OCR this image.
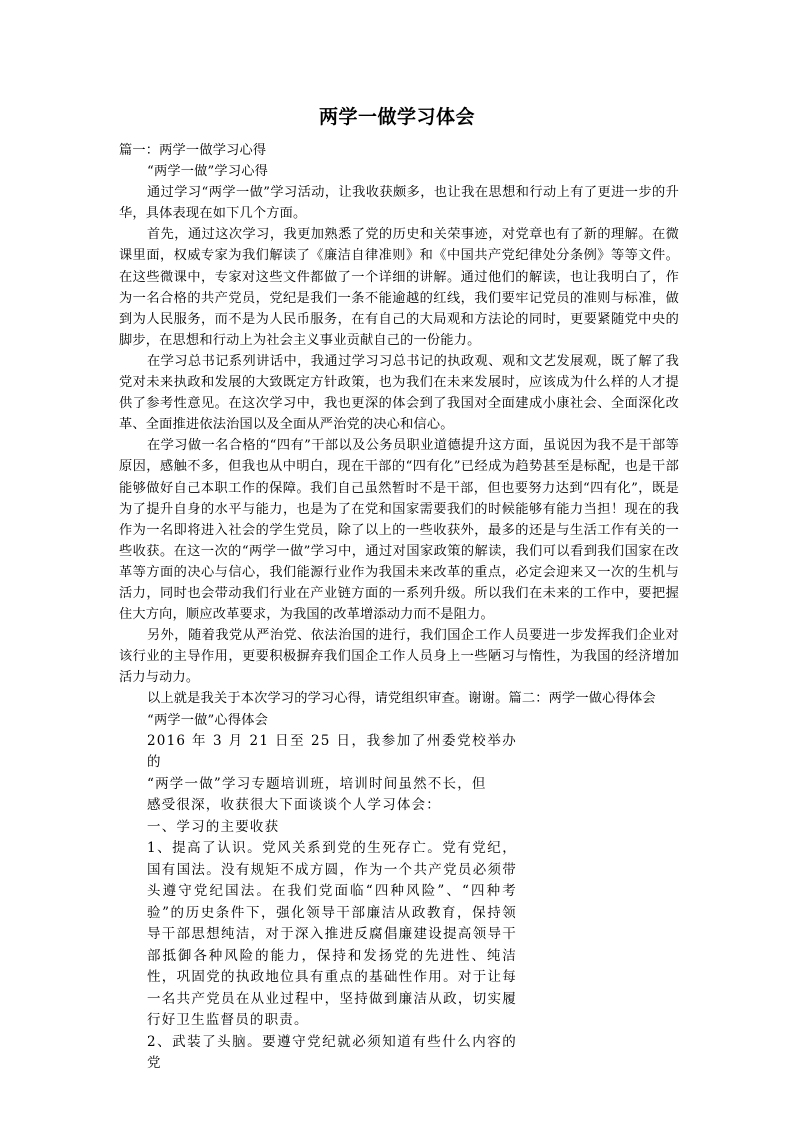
两学一做学习体会

篇一：两学一做学习心得

“两学一做”学习心得

通过学习“两学一做”学习活动，让我收获颇多，也让我在思想和行动上有了更进一步的升华，具体表现在如下几个方面。

首先，通过这次学习，我更加熟悉了党的历史和关荣事迹，对党章也有了新的理解。在微课里面，权威专家为我们解读了《廉洁自律准则》和《中国共产党纪律处分条例》等等文件。在这些微课中，专家对这些文件都做了一个详细的讲解。通过他们的解读，也让我明白了，作为一名合格的共产党员，党纪是我们一条不能逾越的红线，我们要牢记党员的准则与标准，做到为人民服务，而不是为人民币服务，在有自己的大局观和方法论的同时，更要紧随党中央的脚步，在思想和行动上为社会主义事业贡献自己的一份能力。

在学习总书记系列讲话中，我通过学习习总书记的执政观、观和文艺发展观，既了解了我党对未来执政和发展的大致既定方针政策，也为我们在未来发展时，应该成为什么样的人才提供了参考性意见。在这次学习中，我也更深的体会到了我国对全面建成小康社会、全面深化改革、全面推进依法治国以及全面从严治党的决心和信心。

在学习做一名合格的“四有”干部以及公务员职业道德提升这方面，虽说因为我不是干部等原因，感触不多，但我也从中明白，现在干部的“四有化”已经成为趋势甚至是标配，也是干部能够做好自己本职工作的保障。我们自己虽然暂时不是干部，但也要努力达到“四有化”，既是为了提升自身的水平与能力，也是为了在党和国家需要我们的时候能够有能力当担！现在的我作为一名即将进入社会的学生党员，除了以上的一些收获外，最多的还是与生活工作有关的一些收获。在这一次的“两学一做”学习中，通过对国家政策的解读，我们可以看到我们国家在改革等方面的决心与信心，我们能源行业作为我国未来改革的重点，必定会迎来又一次的生机与活力，同时也会带动我们行业在产业链方面的一系列升级。所以我们在未来的工作中，要把握住大方向，顺应改革要求，为我国的改革增添动力而不是阻力。

另外，随着我党从严治党、依法治国的进行，我们国企工作人员要进一步发挥我们企业对该行业的主导作用，更要积极摒弃我们国企工作人员身上一些陋习与惰性，为我国的经济增加活力与动力。

以上就是我关于本次学习的学习心得，请党组织审查。谢谢。篇二：两学一做心得体会

“两学一做”心得体会

2016 年 3 月 21 日至 25 日，我参加了州委党校举办的

“两学一做”学习专题培训班，培训时间虽然不长，但

感受很深，收获很大下面谈谈个人学习体会：

一、学习的主要收获

1、提高了认识。党风关系到党的生死存亡。党有党纪，国有国法。没有规矩不成方圆，作为一个共产党员必须带头遵守党纪国法。在我们党面临“四种风险”、“四种考验”的历史条件下，强化领导干部廉洁从政教育，保持领导干部思想纯洁，对于深入推进反腐倡廉建设提高领导干部抵御各种风险的能力，保持和发扬党的先进性、纯洁性，巩固党的执政地位具有重点的基础性作用。对于让每一名共产党员在从业过程中，坚持做到廉洁从政，切实履行好卫生监督员的职责。

2、武装了头脑。要遵守党纪就必须知道有些什么内容的党
